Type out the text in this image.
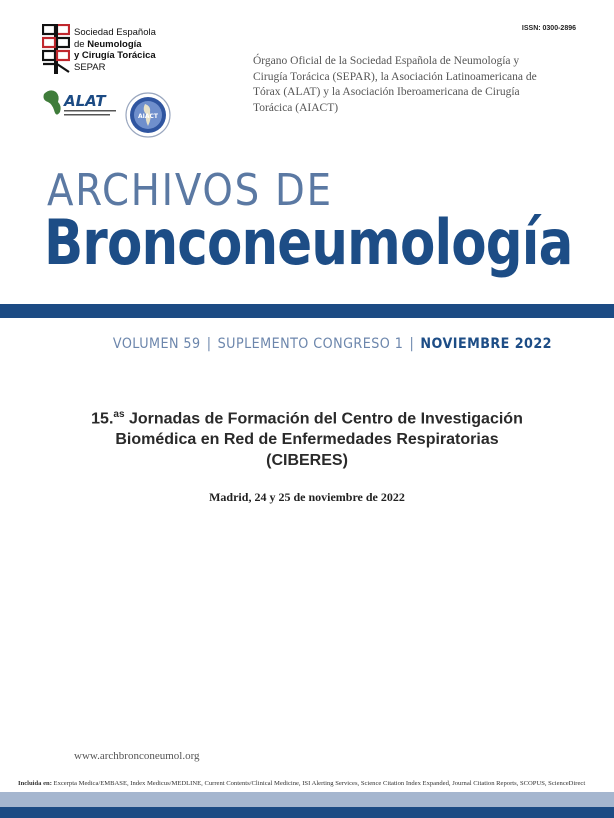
Sociedad Española
de Neumología
y Cirugía Torácica
SEPAR
ISSN: 0300-2896
Órgano Oficial de la Sociedad Española de Neumología y Cirugía Torácica (SEPAR), la Asociación Latinoamericana de Tórax (ALAT) y la Asociación Iberoamericana de Cirugía Torácica (AIACT)
ALAT
AIACT
ARCHIVOS DE
Bronconeumología
VOLUMEN 59 | SUPLEMENTO CONGRESO 1 | NOVIEMBRE 2022
15.$^{as}$ Jornadas de Formación del Centro de Investigación
Biomédica en Red de Enfermedades Respiratorias
(CIBERES)
Madrid, 24 y 25 de noviembre de 2022
www.archbronconeumol.org
Incluida en: Excerpta Medica/EMBASE, Index Medicus/MEDLINE, Current Contents/Clinical Medicine, ISI Alerting Services, Science Citation Index Expanded, Journal Citation Reports, SCOPUS, ScienceDirect
